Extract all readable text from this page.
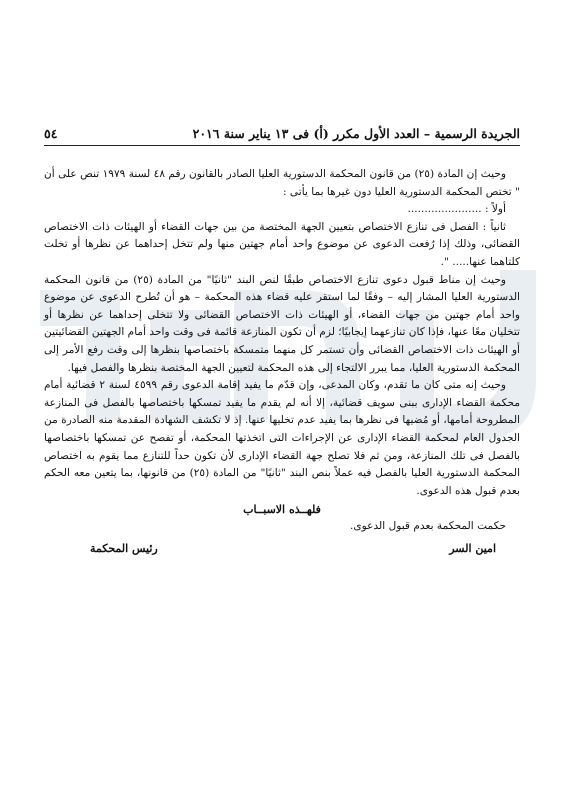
الجريدة الرسمية – العدد الأول مكرر (أ) فى ١٣ يناير سنة ٢٠١٦
٥٤

وحيث إن المادة (٢٥) من قانون المحكمة الدستورية العليا الصادر بالقانون رقم ٤٨ لسنة ١٩٧٩ تنص على أن " تختص المحكمة الدستورية العليا دون غيرها بما يأتى :

أولاً : ......................

ثانياً : الفصل فى تنازع الاختصاص بتعيين الجهة المختصة من بين جهات القضاء أو الهيئات ذات الاختصاص القضائى، وذلك إذا رُفعت الدعوى عن موضوع واحد أمام جهتين منها ولم تتخل إحداهما عن نظرها أو تخلت كلتاهما عنها..... ".

وحيث إن مناط قبول دعوى تنازع الاختصاص طبقًا لنص البند "ثانيًا" من المادة (٢٥) من قانون المحكمة الدستورية العليا المشار إليه – وفقًا لما استقر عليه قضاء هذه المحكمة – هو أن تُطرح الدعوى عن موضوع واحد أمام جهتين من جهات القضاء، أو الهيئات ذات الاختصاص القضائى ولا تتخلى إحداهما عن نظرها أو تتخليان معًا عنها، فإذا كان تنازعهما إيجابيًا؛ لزم أن تكون المنازعة قائمة فى وقت واحد أمام الجهتين القضائيتين أو الهيئات ذات الاختصاص القضائى وأن تستمر كل منهما متمسكة باختصاصها بنظرها إلى وقت رفع الأمر إلى المحكمة الدستورية العليا، مما يبرر الالتجاء إلى هذه المحكمة لتعيين الجهة المختصة بنظرها والفصل فيها.

وحيث إنه متى كان ما تقدم، وكان المدعى، وإن قدّم ما يفيد إقامة الدعوى رقم ٤٥٩٩ لسنة ٢ قضائية أمام محكمة القضاء الإدارى ببنى سويف قضائية، إلا أنه لم يقدم ما يفيد تمسكها باختصاصها بالفصل فى المنازعة المطروحة أمامها، أو مُضيها فى نظرها بما يفيد عدم تخليها عنها. إذ لا تكشف الشهادة المقدمة منه الصادرة من الجدول العام لمحكمة القضاء الإدارى عن الإجراءات التى اتخذتها المحكمة، أو تفصح عن تمسكها باختصاصها بالفصل فى تلك المنازعة، ومن ثم فلا تصلح جهة القضاء الإدارى لأن تكون حداً للتنازع مما يقوم به اختصاص المحكمة الدستورية العليا بالفصل فيه عملاً بنص البند "ثانيًا" من المادة (٢٥) من قانونها، بما يتعين معه الحكم بعدم قبول هذه الدعوى.

فلهــذه الاسبــاب

حكمت المحكمة بعدم قبول الدعوى.

امين السر
رئيس المحكمة
